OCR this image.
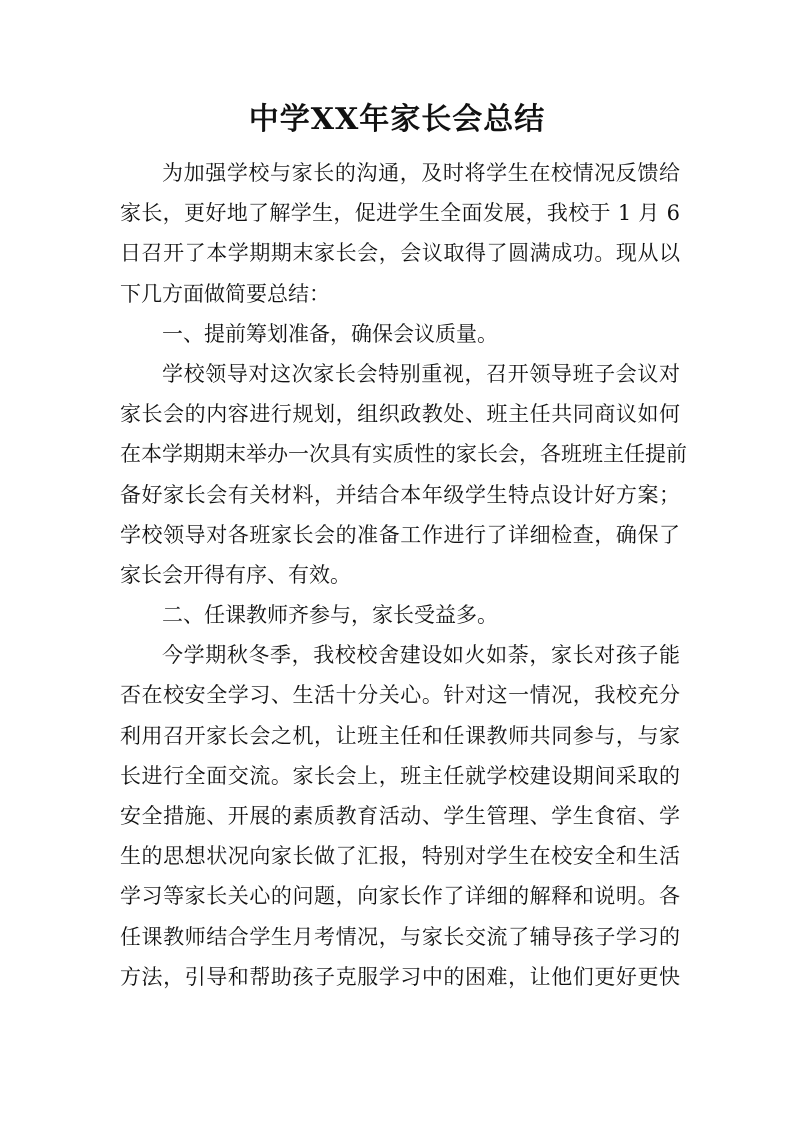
中学XX年家长会总结
为加强学校与家长的沟通，及时将学生在校情况反馈给
家长，更好地了解学生，促进学生全面发展，我校于 1 月 6
日召开了本学期期末家长会，会议取得了圆满成功。现从以
下几方面做简要总结：
一、提前筹划准备，确保会议质量。
学校领导对这次家长会特别重视，召开领导班子会议对
家长会的内容进行规划，组织政教处、班主任共同商议如何
在本学期期末举办一次具有实质性的家长会，各班班主任提前
备好家长会有关材料，并结合本年级学生特点设计好方案；
学校领导对各班家长会的准备工作进行了详细检查，确保了
家长会开得有序、有效。
二、任课教师齐参与，家长受益多。
今学期秋冬季，我校校舍建设如火如荼，家长对孩子能
否在校安全学习、生活十分关心。针对这一情况，我校充分
利用召开家长会之机，让班主任和任课教师共同参与，与家
长进行全面交流。家长会上，班主任就学校建设期间采取的
安全措施、开展的素质教育活动、学生管理、学生食宿、学
生的思想状况向家长做了汇报，特别对学生在校安全和生活
学习等家长关心的问题，向家长作了详细的解释和说明。各
任课教师结合学生月考情况，与家长交流了辅导孩子学习的
方法，引导和帮助孩子克服学习中的困难，让他们更好更快
